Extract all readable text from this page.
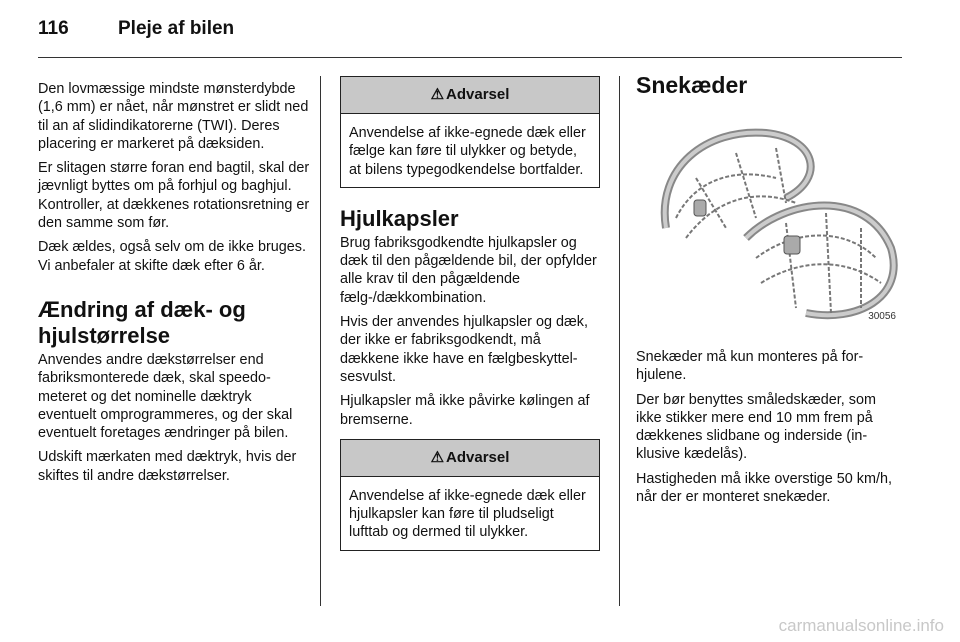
116	Pleje af bilen

Den lovmæssige mindste mønsterdybde (1,6 mm) er nået, når mønstret er slidt ned til an af slidindikatorerne (TWI). Deres placering er markeret på dæksiden.

Er slitagen større foran end bagtil, skal der jævnligt byttes om på forhjul og baghjul. Kontroller, at dækkenes rotationsretning er den samme som før.

Dæk ældes, også selv om de ikke bruges. Vi anbefaler at skifte dæk efter 6 år.

Ændring af dæk- og hjulstørrelse

Anvendes andre dækstørrelser end fabriksmonterede dæk, skal speedometeret og det nominelle dæktryk eventuelt omprogrammeres, og der skal eventuelt foretages ændringer på bilen.

Udskift mærkaten med dæktryk, hvis der skiftes til andre dækstørrelser.

⚠ Advarsel
Anvendelse af ikke-egnede dæk eller fælge kan føre til ulykker og betyde, at bilens typegodkendelse bortfalder.
Hjulkapsler

Brug fabriksgodkendte hjulkapsler og dæk til den pågældende bil, der opfylder alle krav til den pågældende fælg-/dækkombination.

Hvis der anvendes hjulkapsler og dæk, der ikke er fabriksgodkendt, må dækkene ikke have en fælgbeskyttelsesvulst.

Hjulkapsler må ikke påvirke kølingen af bremserne.

⚠ Advarsel
Anvendelse af ikke-egnede dæk eller hjulkapsler kan føre til pludseligt lufttab og dermed til ulykker.
Snekæder
30056

Snekæder må kun monteres på forhjulene.

Der bør benyttes småledskæder, som ikke stikker mere end 10 mm frem på dækkenes slidbane og inderside (inklusive kædelås).

Hastigheden må ikke overstige 50 km/h, når der er monteret snekæder.

carmanualsonline.info
